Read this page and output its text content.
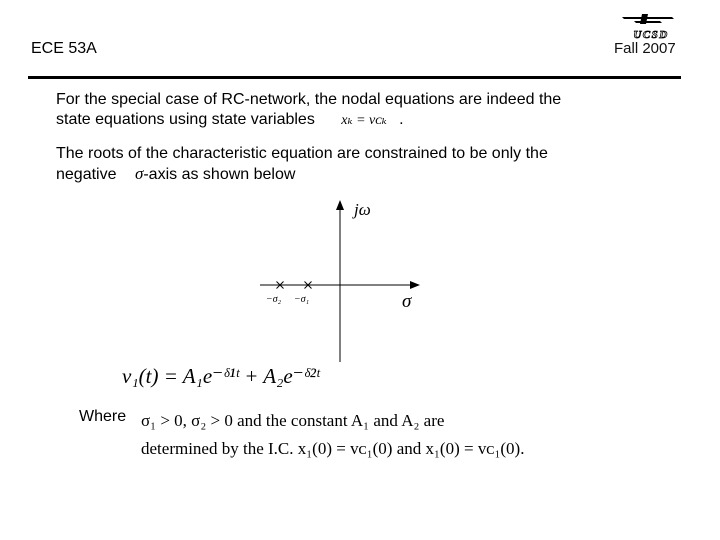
ECE 53A
UCSD
Fall 2007
For the special case of RC-network, the nodal equations are indeed the
state equations using state variables xₖ = vᴄₖ .
The roots of the characteristic equation are constrained to be only the
negative σ-axis as shown below
jω
σ
−σ₂ −σ₁
v₁(t) = A₁e⁻ᵟ¹ᵗ + A₂e⁻ᵟ²ᵗ
Where σ₁ > 0, σ₂ > 0 and the constant A₁ and A₂ are
determined by the I.C. x₁(0) = vᴄ₁(0) and x₁(0) = vᴄ₁(0).
